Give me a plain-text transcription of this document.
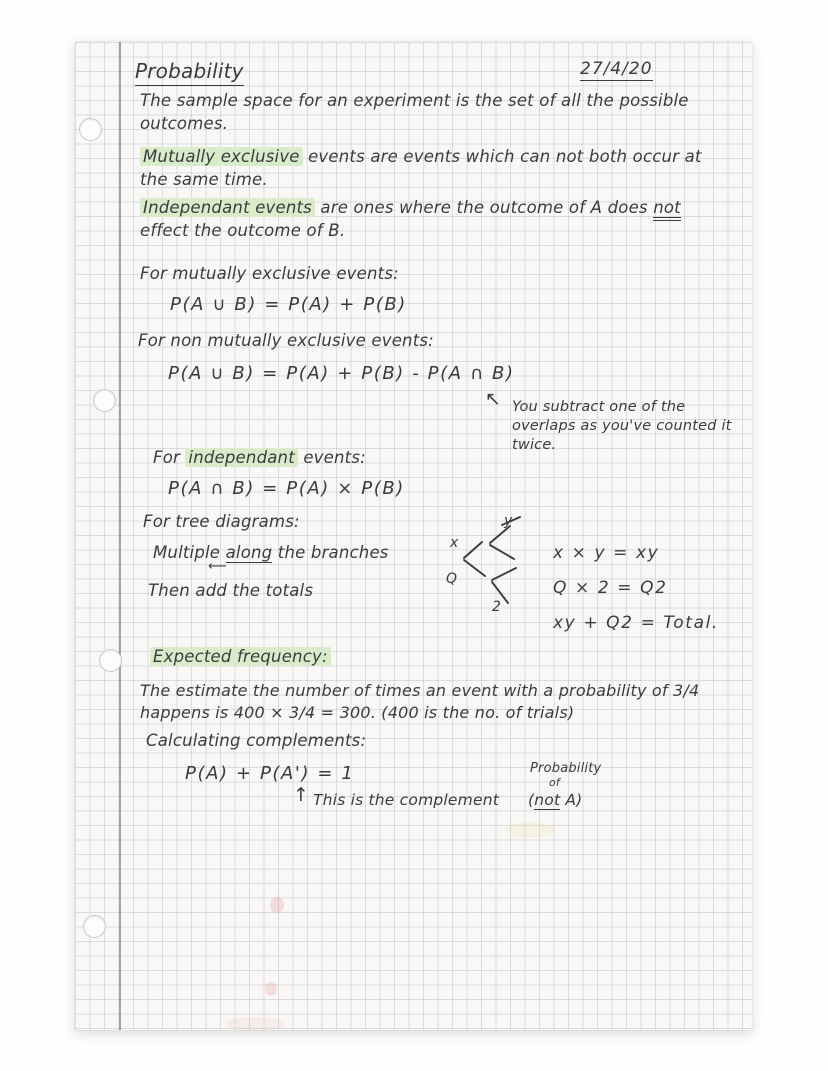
Probability	27/4/20

The sample space for an experiment is the set of all the possible outcomes.

Mutually exclusive events are events which can not both occur at the same time.

Independant events are ones where the outcome of A does not effect the outcome of B.

For mutually exclusive events:

P(A ∪ B) = P(A) + P(B)

For non mutually exclusive events:

P(A ∪ B) = P(A) + P(B) - P(A ∩ B)

↖ You subtract one of the overlaps as you've counted it twice.

For independant events:

P(A ∩ B) = P(A) × P(B)

For tree diagrams:

Multiple along the branches

⟵

Then add the totals

x
Q
y
2

x × y = xy

Q × 2 = Q2

xy + Q2 = Total.

Expected frequency:

The estimate the number of times an event with a probability of 3/4 happens is 400 × 3/4 = 300. (400 is the no. of trials)

Calculating complements:

P(A) + P(A') = 1

↑ This is the complement (not A)

Probability

of
